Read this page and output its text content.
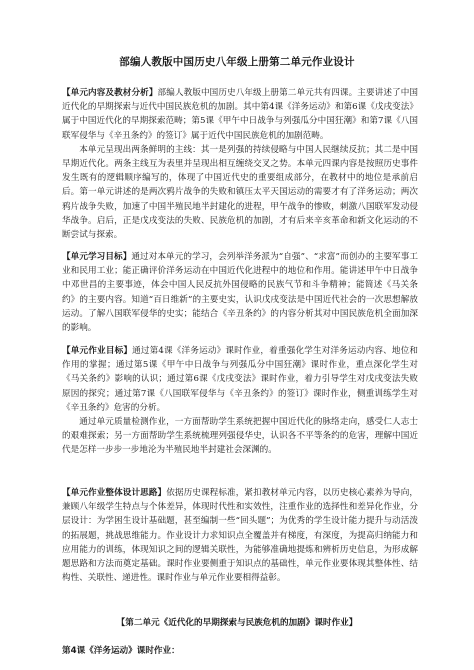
部编人教版中国历史八年级上册第二单元作业设计
【单元内容及教材分析】部编人教版中国历史八年级上册第二单元共有四课。主要讲述了中国近代化的早期探索与近代中国民族危机的加剧。其中第4课《洋务运动》和第6课《戊戌变法》属于中国近代化的早期探索范畴；第5课《甲午中日战争与列强瓜分中国狂潮》和第7课《八国联军侵华与《辛丑条约》的签订》属于近代中国民族危机的加剧范畴。
本单元呈现出两条鲜明的主线：其一是列强的持续侵略与中国人民继续反抗；其二是中国早期近代化。两条主线互为表里并呈现出相互缠绕交叉之势。本单元四课内容是按照历史事件发生既有的逻辑顺序编写的，体现了中国近代史的重要组成部分，在教材中的地位是承前启后。第一单元讲述的是两次鸦片战争的失败和镇压太平天国运动的需要才有了洋务运动；两次鸦片战争失败，加速了中国半殖民地半封建化的进程，甲午战争的惨败，刺激八国联军发动侵华战争。启后，正是戊戌变法的失败、民族危机的加剧，才有后来辛亥革命和新文化运动的不断尝试与探索。
【单元学习目标】通过对本单元的学习，会列举洋务派为“自强”、“求富”而创办的主要军事工业和民用工业；能正确评价洋务运动在中国近代化进程中的地位和作用。能讲述甲午中日战争中邓世昌的主要事迹，体会中国人民反抗外国侵略的民族气节和斗争精神；能简述《马关条约》的主要内容。知道“百日维新”的主要史实，认识戊戌变法是中国近代社会的一次思想解放运动。了解八国联军侵华的史实；能结合《辛丑条约》的内容分析其对中国民族危机全面加深的影响。
【单元作业目标】通过第4课《洋务运动》课时作业，着重强化学生对洋务运动内容、地位和作用的掌握；通过第5课《甲午中日战争与列强瓜分中国狂潮》课时作业，重点深化学生对《马关条约》影响的认识；通过第6课《戊戌变法》课时作业，着力引导学生对戊戌变法失败原因的探究；通过第7课《八国联军侵华与《辛丑条约》的签订》课时作业，侧重训练学生对《辛丑条约》危害的分析。
通过单元质量检测作业，一方面帮助学生系统把握中国近代化的脉络走向，感受仁人志士的艰难探索；另一方面帮助学生系统梳理列强侵华史，认识各不平等条约的危害，理解中国近代是怎样一步步一步地沦为半殖民地半封建社会深渊的。
【单元作业整体设计思路】依据历史课程标准，紧扣教材单元内容，以历史核心素养为导向，兼顾八年级学生特点与个体差异，体现时代性和实效性，注重作业的选择性和差异化作业，分层设计：为学困生设计基础题，甚至编制一些“回头题”；为优秀的学生设计能力提升与动活泼的拓展题，挑战思维能力。作业设计力求知识点全覆盖并有梯度，有深度，为提高归纳能力和应用能力的训练，体现知识之间的逻辑关联性，为能够准确地提炼和辨析历史信息，为形成解题思路和方法而奠定基础。课时作业要侧重于知识点的基础性，单元作业要体现其整体性、结构性、关联性、递进性。课时作业与单元作业要相得益彰。
【第二单元《近代化的早期探索与民族危机的加剧》课时作业】
第4课《洋务运动》课时作业：
